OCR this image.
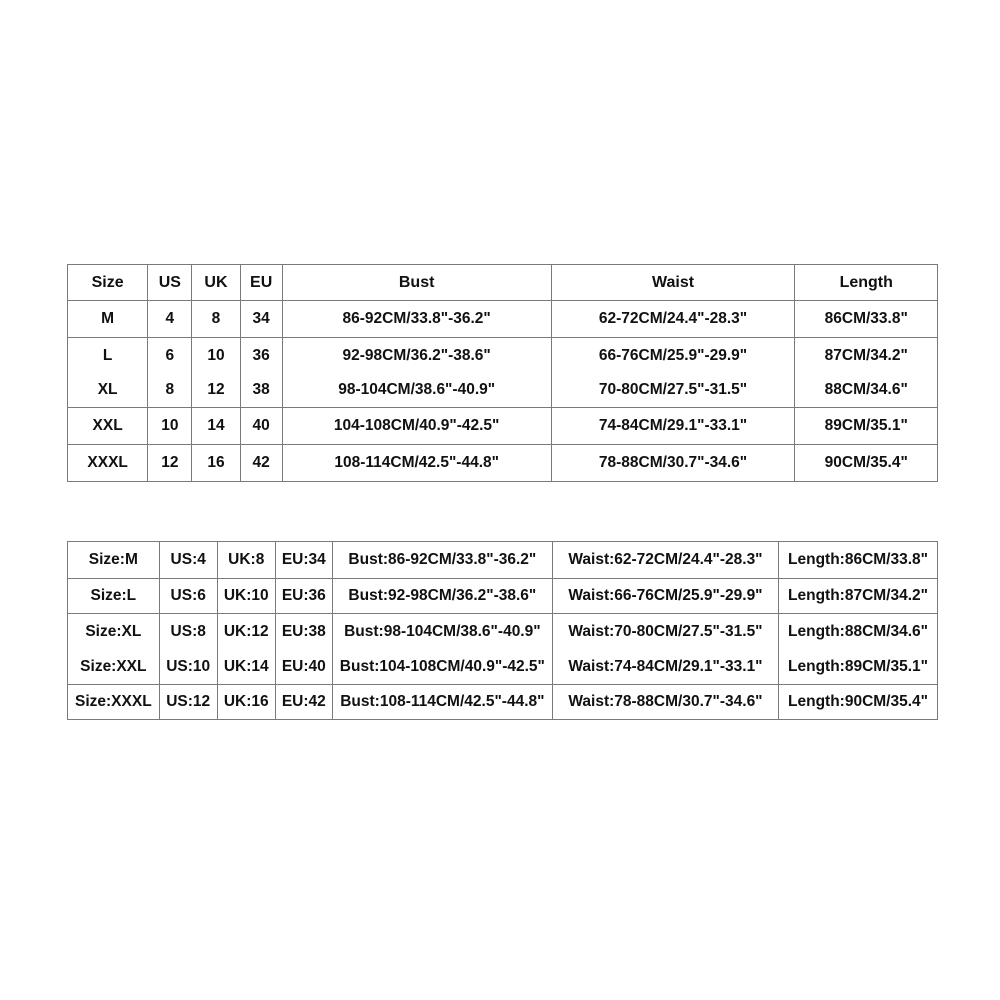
Size	US	UK	EU	Bust	Waist	Length
M	4	8	34	86-92CM/33.8"-36.2"	62-72CM/24.4"-28.3"	86CM/33.8"
L	6	10	36	92-98CM/36.2"-38.6"	66-76CM/25.9"-29.9"	87CM/34.2"
XL	8	12	38	98-104CM/38.6"-40.9"	70-80CM/27.5"-31.5"	88CM/34.6"
XXL	10	14	40	104-108CM/40.9"-42.5"	74-84CM/29.1"-33.1"	89CM/35.1"
XXXL	12	16	42	108-114CM/42.5"-44.8"	78-88CM/30.7"-34.6"	90CM/35.4"
Size:M	US:4	UK:8	EU:34	Bust:86-92CM/33.8"-36.2"	Waist:62-72CM/24.4"-28.3"	Length:86CM/33.8"
Size:L	US:6	UK:10	EU:36	Bust:92-98CM/36.2"-38.6"	Waist:66-76CM/25.9"-29.9"	Length:87CM/34.2"
Size:XL	US:8	UK:12	EU:38	Bust:98-104CM/38.6"-40.9"	Waist:70-80CM/27.5"-31.5"	Length:88CM/34.6"
Size:XXL	US:10	UK:14	EU:40	Bust:104-108CM/40.9"-42.5"	Waist:74-84CM/29.1"-33.1"	Length:89CM/35.1"
Size:XXXL	US:12	UK:16	EU:42	Bust:108-114CM/42.5"-44.8"	Waist:78-88CM/30.7"-34.6"	Length:90CM/35.4"
